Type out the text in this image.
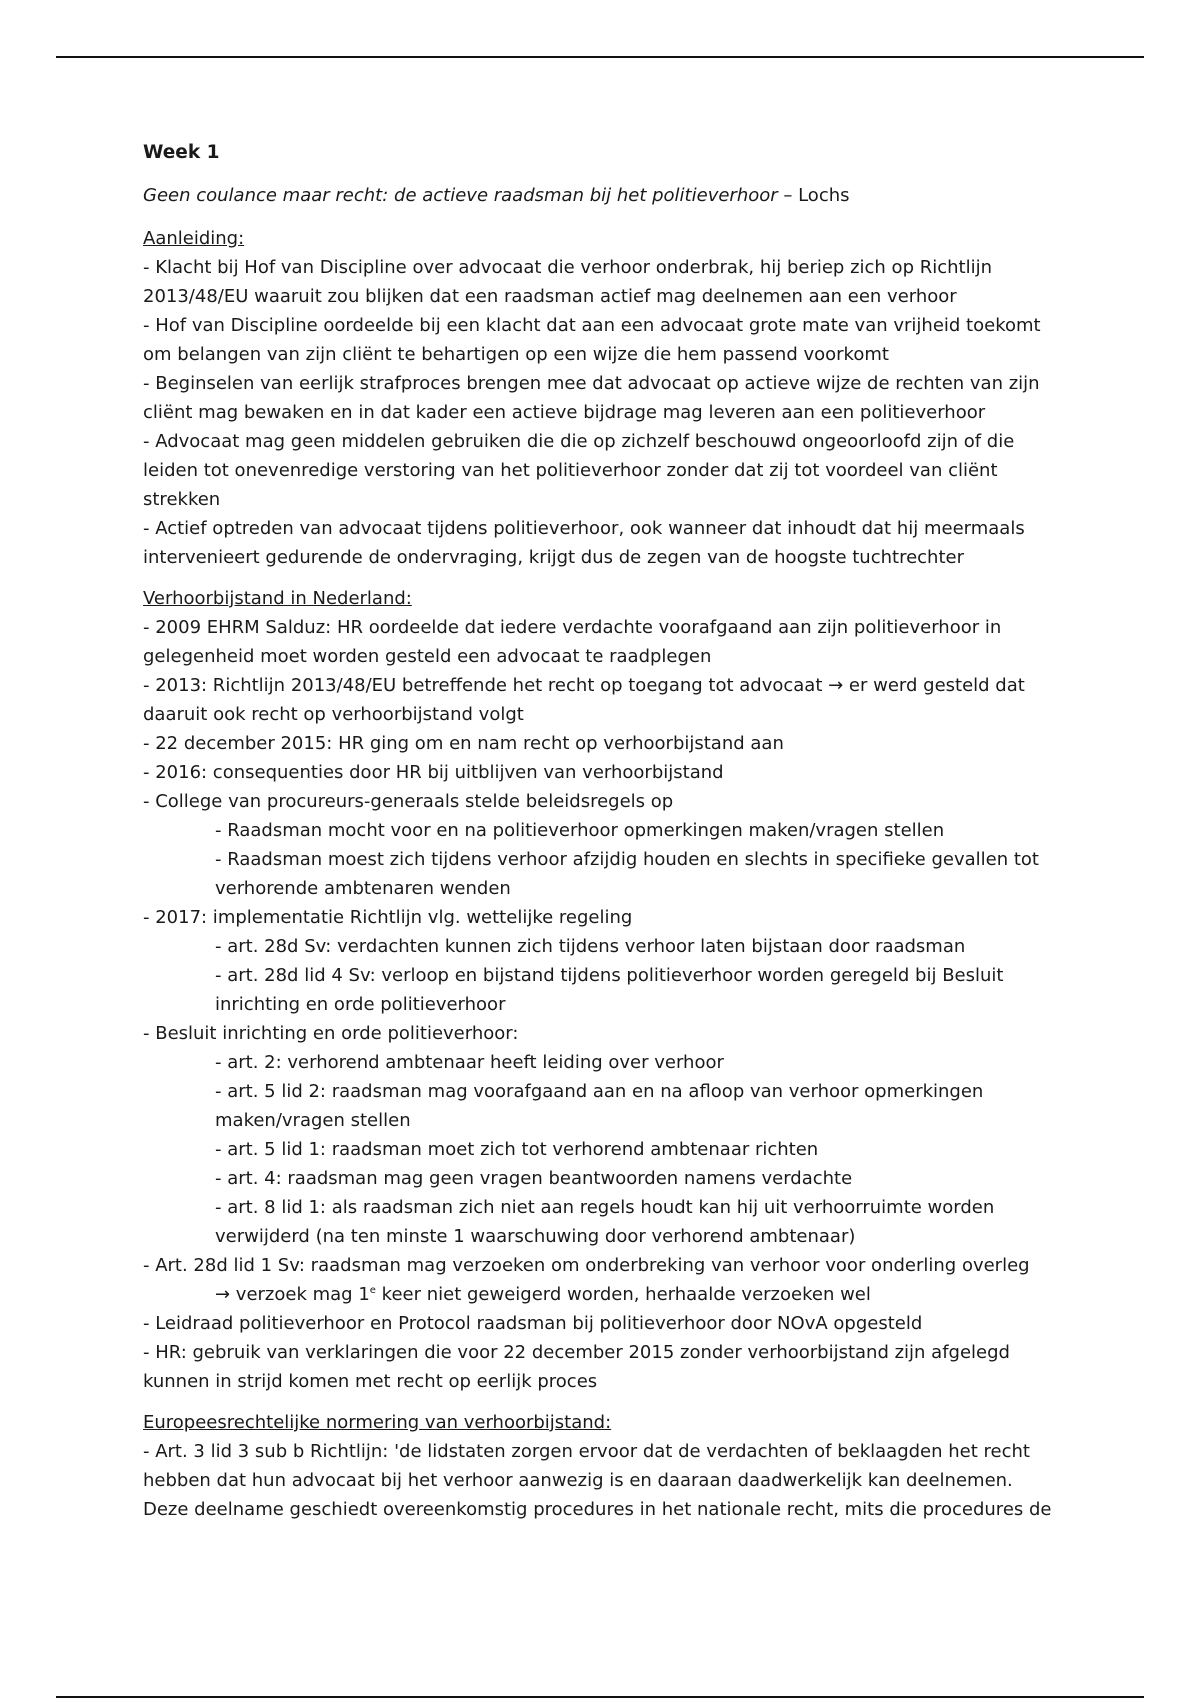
Week 1
Geen coulance maar recht: de actieve raadsman bij het politieverhoor – Lochs
Aanleiding:

- Klacht bij Hof van Discipline over advocaat die verhoor onderbrak, hij beriep zich op Richtlijn 2013/48/EU waaruit zou blijken dat een raadsman actief mag deelnemen aan een verhoor

- Hof van Discipline oordeelde bij een klacht dat aan een advocaat grote mate van vrijheid toekomt om belangen van zijn cliënt te behartigen op een wijze die hem passend voorkomt

- Beginselen van eerlijk strafproces brengen mee dat advocaat op actieve wijze de rechten van zijn cliënt mag bewaken en in dat kader een actieve bijdrage mag leveren aan een politieverhoor

- Advocaat mag geen middelen gebruiken die die op zichzelf beschouwd ongeoorloofd zijn of die leiden tot onevenredige verstoring van het politieverhoor zonder dat zij tot voordeel van cliënt strekken

- Actief optreden van advocaat tijdens politieverhoor, ook wanneer dat inhoudt dat hij meermaals intervenieert gedurende de ondervraging, krijgt dus de zegen van de hoogste tuchtrechter

Verhoorbijstand in Nederland:

- 2009 EHRM Salduz: HR oordeelde dat iedere verdachte voorafgaand aan zijn politieverhoor in gelegenheid moet worden gesteld een advocaat te raadplegen

- 2013: Richtlijn 2013/48/EU betreffende het recht op toegang tot advocaat → er werd gesteld dat daaruit ook recht op verhoorbijstand volgt

- 22 december 2015: HR ging om en nam recht op verhoorbijstand aan

- 2016: consequenties door HR bij uitblijven van verhoorbijstand

- College van procureurs-generaals stelde beleidsregels op

- Raadsman mocht voor en na politieverhoor opmerkingen maken/vragen stellen

- Raadsman moest zich tijdens verhoor afzijdig houden en slechts in specifieke gevallen tot verhorende ambtenaren wenden

- 2017: implementatie Richtlijn vlg. wettelijke regeling

- art. 28d Sv: verdachten kunnen zich tijdens verhoor laten bijstaan door raadsman

- art. 28d lid 4 Sv: verloop en bijstand tijdens politieverhoor worden geregeld bij Besluit inrichting en orde politieverhoor

- Besluit inrichting en orde politieverhoor:

- art. 2: verhorend ambtenaar heeft leiding over verhoor

- art. 5 lid 2: raadsman mag voorafgaand aan en na afloop van verhoor opmerkingen maken/vragen stellen

- art. 5 lid 1: raadsman moet zich tot verhorend ambtenaar richten

- art. 4: raadsman mag geen vragen beantwoorden namens verdachte

- art. 8 lid 1: als raadsman zich niet aan regels houdt kan hij uit verhoorruimte worden verwijderd (na ten minste 1 waarschuwing door verhorend ambtenaar)

- Art. 28d lid 1 Sv: raadsman mag verzoeken om onderbreking van verhoor voor onderling overleg

→ verzoek mag 1e keer niet geweigerd worden, herhaalde verzoeken wel

- Leidraad politieverhoor en Protocol raadsman bij politieverhoor door NOvA opgesteld

- HR: gebruik van verklaringen die voor 22 december 2015 zonder verhoorbijstand zijn afgelegd kunnen in strijd komen met recht op eerlijk proces

Europeesrechtelijke normering van verhoorbijstand:

- Art. 3 lid 3 sub b Richtlijn: 'de lidstaten zorgen ervoor dat de verdachten of beklaagden het recht hebben dat hun advocaat bij het verhoor aanwezig is en daaraan daadwerkelijk kan deelnemen. Deze deelname geschiedt overeenkomstig procedures in het nationale recht, mits die procedures de
